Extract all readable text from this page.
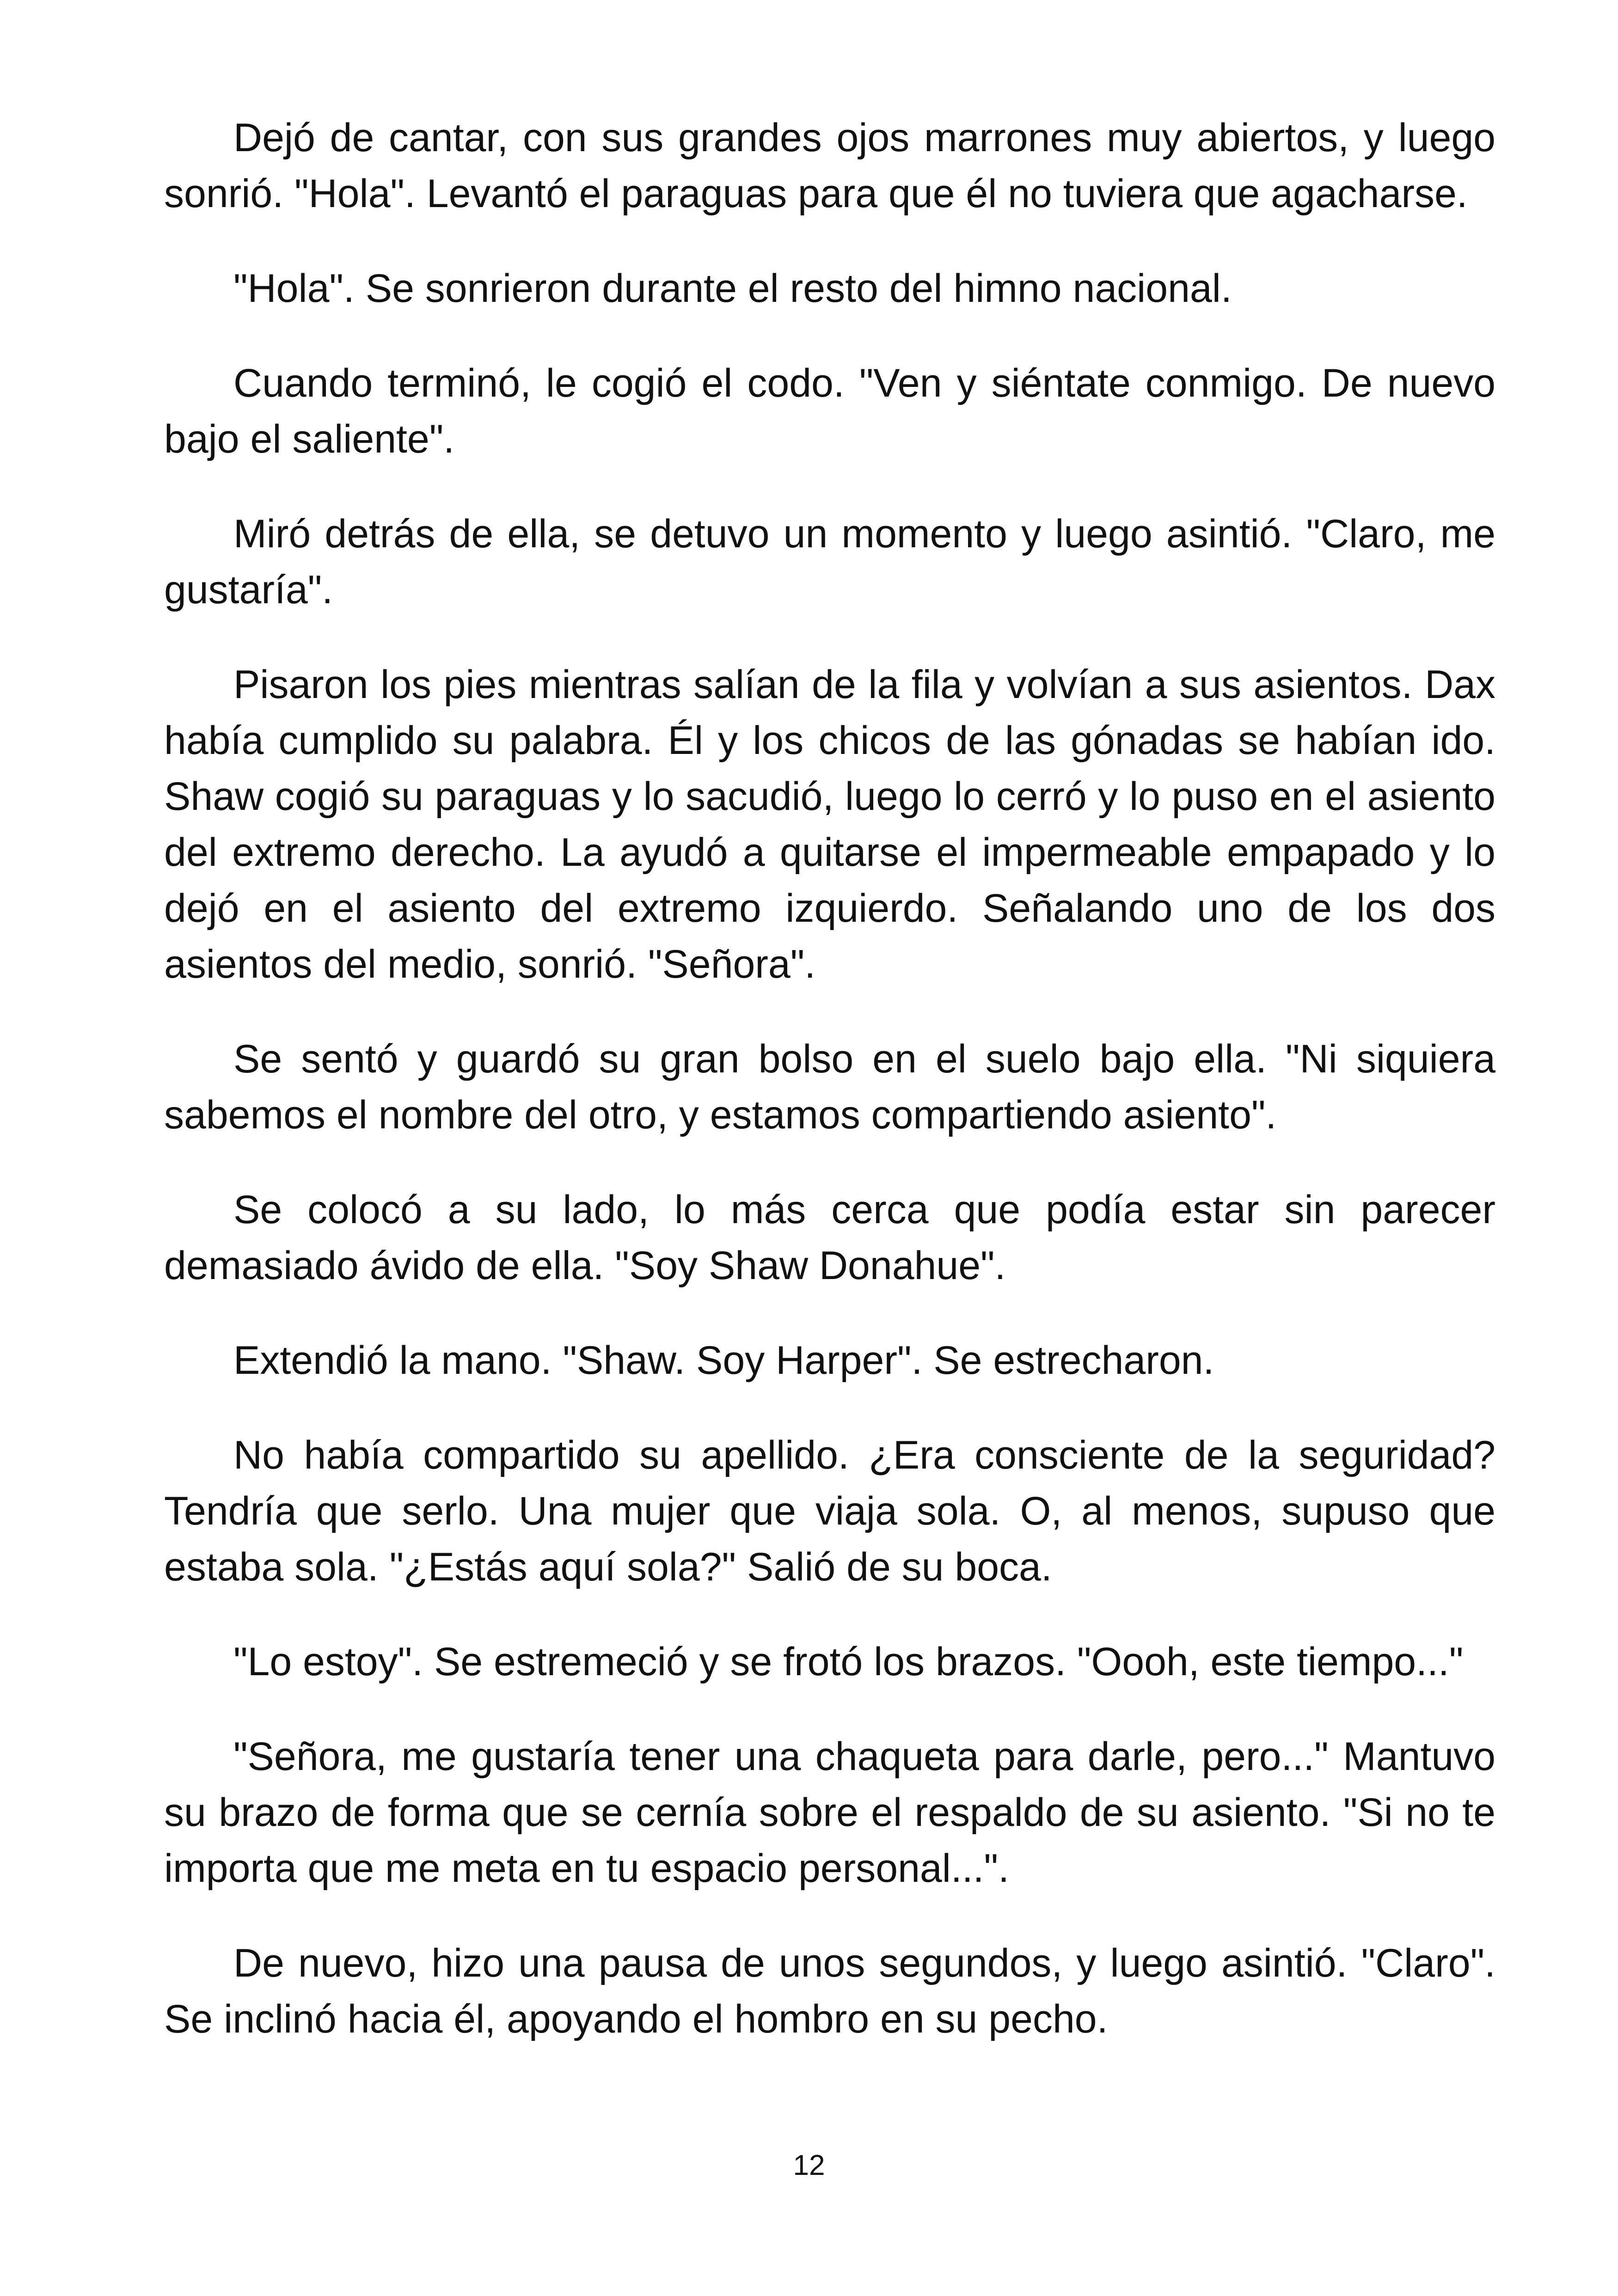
Dejó de cantar, con sus grandes ojos marrones muy abiertos, y luego sonrió. "Hola". Levantó el paraguas para que él no tuviera que agacharse.

"Hola". Se sonrieron durante el resto del himno nacional.

Cuando terminó, le cogió el codo. "Ven y siéntate conmigo. De nuevo bajo el saliente".

Miró detrás de ella, se detuvo un momento y luego asintió. "Claro, me gustaría".

Pisaron los pies mientras salían de la fila y volvían a sus asientos. Dax había cumplido su palabra. Él y los chicos de las gónadas se habían ido. Shaw cogió su paraguas y lo sacudió, luego lo cerró y lo puso en el asiento del extremo derecho. La ayudó a quitarse el impermeable empapado y lo dejó en el asiento del extremo izquierdo. Señalando uno de los dos asientos del medio, sonrió. "Señora".

Se sentó y guardó su gran bolso en el suelo bajo ella. "Ni siquiera sabemos el nombre del otro, y estamos compartiendo asiento".

Se colocó a su lado, lo más cerca que podía estar sin parecer demasiado ávido de ella. "Soy Shaw Donahue".

Extendió la mano. "Shaw. Soy Harper". Se estrecharon.

No había compartido su apellido. ¿Era consciente de la seguridad? Tendría que serlo. Una mujer que viaja sola. O, al menos, supuso que estaba sola. "¿Estás aquí sola?" Salió de su boca.

"Lo estoy". Se estremeció y se frotó los brazos. "Oooh, este tiempo..."

"Señora, me gustaría tener una chaqueta para darle, pero..." Mantuvo su brazo de forma que se cernía sobre el respaldo de su asiento. "Si no te importa que me meta en tu espacio personal...".

De nuevo, hizo una pausa de unos segundos, y luego asintió. "Claro". Se inclinó hacia él, apoyando el hombro en su pecho.

12
